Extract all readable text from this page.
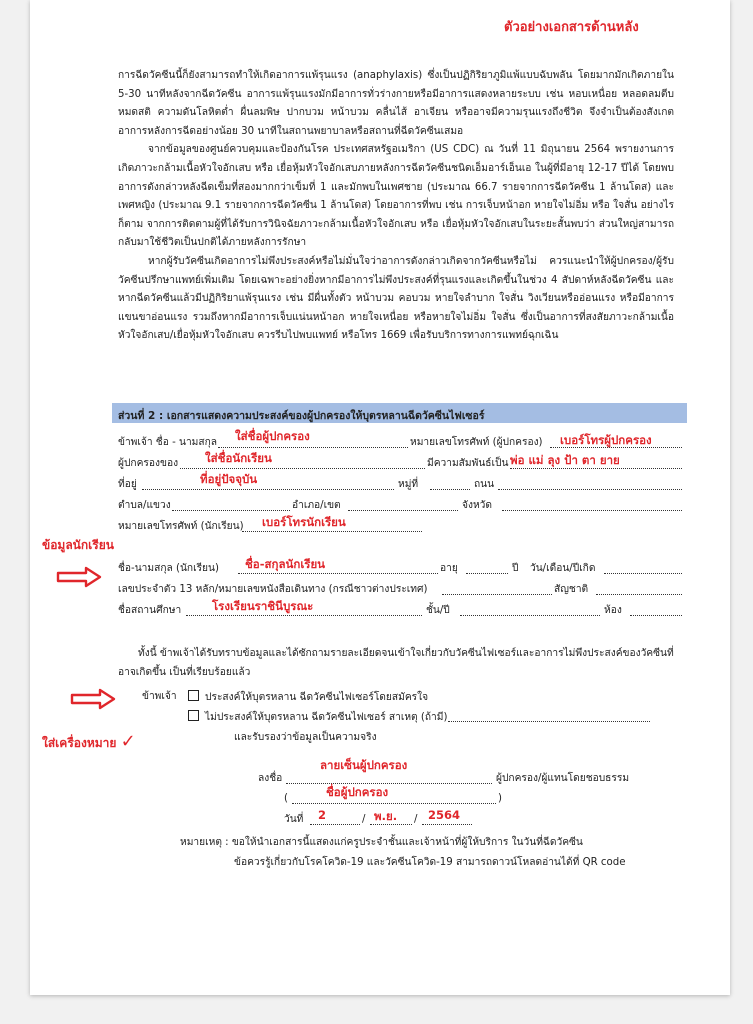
ตัวอย่างเอกสารด้านหลัง

การฉีดวัคซีนนี้ก็ยังสามารถทำให้เกิดอาการแพ้รุนแรง (anaphylaxis) ซึ่งเป็นปฏิกิริยาภูมิแพ้แบบฉับพลัน โดยมากมักเกิดภายใน 5-30 นาทีหลังจากฉีดวัคซีน อาการแพ้รุนแรงมักมีอาการทั่วร่างกายหรือมีอาการแสดงหลายระบบ เช่น หอบเหนื่อย หลอดลมตีบ หมดสติ ความดันโลหิตต่ำ ผื่นลมพิษ ปากบวม หน้าบวม คลื่นไส้ อาเจียน หรืออาจมีความรุนแรงถึงชีวิต จึงจำเป็นต้องสังเกตอาการหลังการฉีดอย่างน้อย 30 นาทีในสถานพยาบาลหรือสถานที่ฉีดวัคซีนเสมอ

จากข้อมูลของศูนย์ควบคุมและป้องกันโรค ประเทศสหรัฐอเมริกา (US CDC) ณ วันที่ 11 มิถุนายน 2564 พรายงานการเกิดภาวะกล้ามเนื้อหัวใจอักเสบ หรือ เยื่อหุ้มหัวใจอักเสบภายหลังการฉีดวัคซีนชนิดเอ็มอาร์เอ็นเอ ในผู้ที่มีอายุ 12-17 ปีได้ โดยพบอาการดังกล่าวหลังฉีดเข็มที่สองมากกว่าเข็มที่ 1 และมักพบในเพศชาย (ประมาณ 66.7 รายจากการฉีดวัคซีน 1 ล้านโดส) และเพศหญิง (ประมาณ 9.1 รายจากการฉีดวัคซีน 1 ล้านโดส) โดยอาการที่พบ เช่น การเจ็บหน้าอก หายใจไม่อิ่ม หรือ ใจสั่น อย่างไรก็ตาม จากการติดตามผู้ที่ได้รับการวินิจฉัยภาวะกล้ามเนื้อหัวใจอักเสบ หรือ เยื่อหุ้มหัวใจอักเสบในระยะสั้นพบว่า ส่วนใหญ่สามารถกลับมาใช้ชีวิตเป็นปกติได้ภายหลังการรักษา

หากผู้รับวัคซีนเกิดอาการไม่พึงประสงค์หรือไม่มั่นใจว่าอาการดังกล่าวเกิดจากวัคซีนหรือไม่ ควรแนะนำให้ผู้ปกครอง/ผู้รับวัคซีนปรึกษาแพทย์เพิ่มเติม โดยเฉพาะอย่างยิ่งหากมีอาการไม่พึงประสงค์ที่รุนแรงและเกิดขึ้นในช่วง 4 สัปดาห์หลังฉีดวัคซีน และหากฉีดวัคซีนแล้วมีปฏิกิริยาแพ้รุนแรง เช่น มีผื่นทั้งตัว หน้าบวม คอบวม หายใจลำบาก ใจสั่น วิงเวียนหรืออ่อนแรง หรือมีอาการแขนขาอ่อนแรง รวมถึงหากมีอาการเจ็บแน่นหน้าอก หายใจเหนื่อย หรือหายใจไม่อิ่ม ใจสั่น ซึ่งเป็นอาการที่สงสัยภาวะกล้ามเนื้อหัวใจอักเสบ/เยื่อหุ้มหัวใจอักเสบ ควรรีบไปพบแพทย์ หรือโทร 1669 เพื่อรับบริการทางการแพทย์ฉุกเฉิน

ส่วนที่ 2 : เอกสารแสดงความประสงค์ของผู้ปกครองให้บุตรหลานฉีดวัคซีนไฟเซอร์
ข้าพเจ้า ชื่อ - นามสกุล ใส่ชื่อผู้ปกครอง	หมายเลขโทรศัพท์ (ผู้ปกครอง) เบอร์โทรผู้ปกครอง
ผู้ปกครองของ ใส่ชื่อนักเรียน	มีความสัมพันธ์เป็น พ่อ แม่ ลุง ป้า ตา ยาย
ที่อยู่	ที่อยู่ปัจจุบัน	หมู่ที่	ถนน
ตำบล/แขวง	อำเภอ/เขต	จังหวัด
หมายเลขโทรศัพท์ (นักเรียน) เบอร์โทรนักเรียน
ข้อมูลนักเรียน
ชื่อ-นามสกุล (นักเรียน) ชื่อ-สกุลนักเรียน	อายุ	ปี วัน/เดือน/ปีเกิด
เลขประจำตัว 13 หลัก/หมายเลขหนังสือเดินทาง (กรณีชาวต่างประเทศ)	สัญชาติ
ชื่อสถานศึกษา	โรงเรียนราชินีบูรณะ	ชั้น/ปี	ห้อง
ทั้งนี้ ข้าพเจ้าได้รับทราบข้อมูลและได้ซักถามรายละเอียดจนเข้าใจเกี่ยวกับวัคซีนไฟเซอร์และอาการไม่พึงประสงค์ของวัคซีนที่อาจเกิดขึ้น เป็นที่เรียบร้อยแล้ว
ข้าพเจ้า	ประสงค์ให้บุตรหลาน ฉีดวัคซีนไฟเซอร์โดยสมัครใจ
ไม่ประสงค์ให้บุตรหลาน ฉีดวัคซีนไฟเซอร์ สาเหตุ (ถ้ามี)
ใส่เครื่องหมาย ✓	และรับรองว่าข้อมูลเป็นความจริง
ลายเซ็นผู้ปกครอง
ลงชื่อ	ผู้ปกครอง/ผู้แทนโดยชอบธรรม
ชื่อผู้ปกครอง
(	)
วันที่ 2	/ พ.ย. / 2564
หมายเหตุ : ขอให้นำเอกสารนี้แสดงแก่ครูประจำชั้นและเจ้าหน้าที่ผู้ให้บริการ ในวันที่ฉีดวัคซีน
ข้อควรรู้เกี่ยวกับโรคโควิด-19 และวัคซีนโควิด-19 สามารถดาวน์โหลดอ่านได้ที่ QR code
